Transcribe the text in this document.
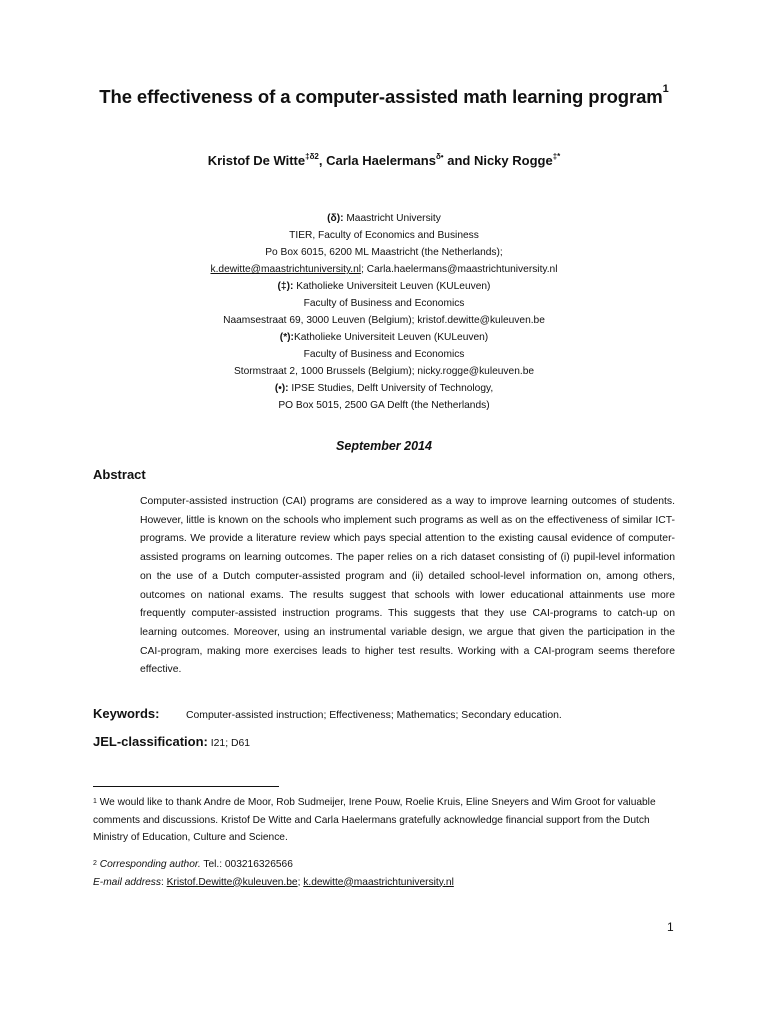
The effectiveness of a computer-assisted math learning program$^1$
Kristof De Witte$^{\ddagger\delta 2}$, Carla Haelermans$^{\delta•}$ and Nicky Rogge‡*
(δ): Maastricht University
TIER, Faculty of Economics and Business
Po Box 6015, 6200 ML Maastricht (the Netherlands);
k.dewitte@maastrichtuniversity.nl; Carla.haelermans@maastrichtuniversity.nl
(‡): Katholieke Universiteit Leuven (KULeuven)
Faculty of Business and Economics
Naamsestraat 69, 3000 Leuven (Belgium); kristof.dewitte@kuleuven.be
(*):Katholieke Universiteit Leuven (KULeuven)
Faculty of Business and Economics
Stormstraat 2, 1000 Brussels (Belgium); nicky.rogge@kuleuven.be
(•): IPSE Studies, Delft University of Technology,
PO Box 5015, 2500 GA Delft (the Netherlands)
September 2014
Abstract

Computer-assisted instruction (CAI) programs are considered as a way to improve learning outcomes of students. However, little is known on the schools who implement such programs as well as on the effectiveness of similar ICT-programs. We provide a literature review which pays special attention to the existing causal evidence of computer-assisted programs on learning outcomes. The paper relies on a rich dataset consisting of (i) pupil-level information on the use of a Dutch computer-assisted program and (ii) detailed school-level information on, among others, outcomes on national exams. The results suggest that schools with lower educational attainments use more frequently computer-assisted instruction programs. This suggests that they use CAI-programs to catch-up on learning outcomes. Moreover, using an instrumental variable design, we argue that given the participation in the CAI-program, making more exercises leads to higher test results. Working with a CAI-program seems therefore effective.

Keywords:	Computer-assisted instruction; Effectiveness; Mathematics; Secondary education.
JEL-classification: I21; D61

$^1$ We would like to thank Andre de Moor, Rob Sudmeijer, Irene Pouw, Roelie Kruis, Eline Sneyers and Wim Groot for valuable comments and discussions. Kristof De Witte and Carla Haelermans gratefully acknowledge financial support from the Dutch Ministry of Education, Culture and Science.

$^2$ Corresponding author. Tel.: 003216326566
E-mail address: Kristof.Dewitte@kuleuven.be; k.dewitte@maastrichtuniversity.nl

1
